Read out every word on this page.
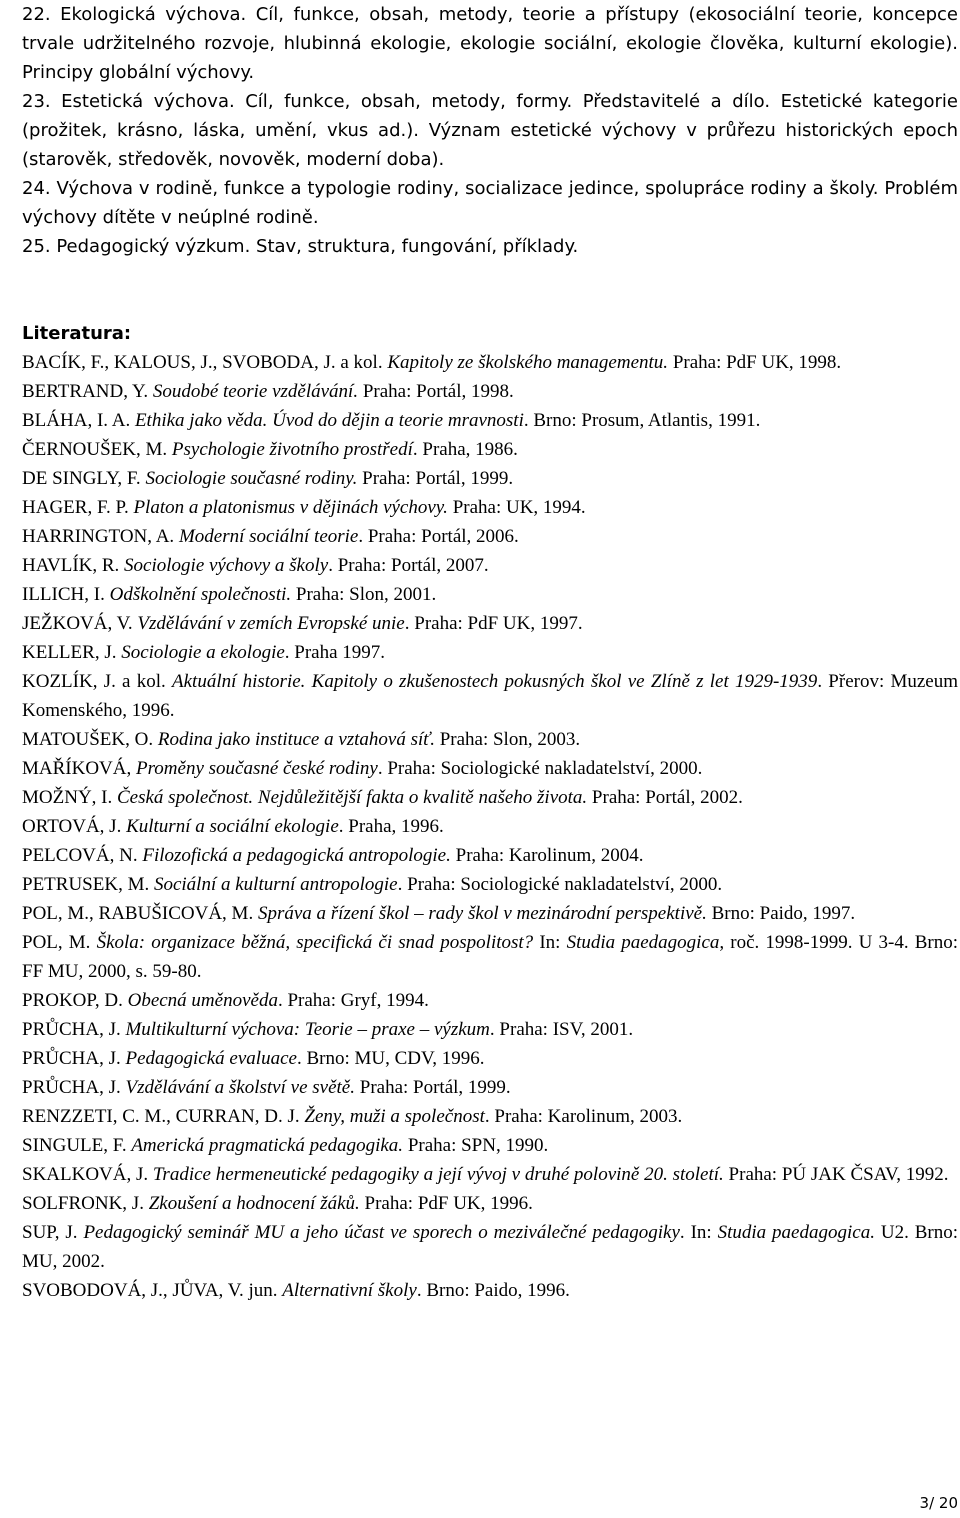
22. Ekologická výchova. Cíl, funkce, obsah, metody, teorie a přístupy (ekosociální teorie, koncepce trvale udržitelného rozvoje, hlubinná ekologie, ekologie sociální, ekologie člověka, kulturní ekologie). Principy globální výchovy.

23. Estetická výchova. Cíl, funkce, obsah, metody, formy. Představitelé a dílo. Estetické kategorie (prožitek, krásno, láska, umění, vkus ad.). Význam estetické výchovy v průřezu historických epoch (starověk, středověk, novověk, moderní doba).

24. Výchova v rodině, funkce a typologie rodiny, socializace jedince, spolupráce rodiny a školy. Problém výchovy dítěte v neúplné rodině.

25. Pedagogický výzkum. Stav, struktura, fungování, příklady.

Literatura:

BACÍK, F., KALOUS, J., SVOBODA, J. a kol. Kapitoly ze školského managementu. Praha: PdF UK, 1998.

BERTRAND, Y. Soudobé teorie vzdělávání. Praha: Portál, 1998.

BLÁHA, I. A. Ethika jako věda. Úvod do dějin a teorie mravnosti. Brno: Prosum, Atlantis, 1991.

ČERNOUŠEK, M. Psychologie životního prostředí. Praha, 1986.

DE SINGLY, F. Sociologie současné rodiny. Praha: Portál, 1999.

HAGER, F. P. Platon a platonismus v dějinách výchovy. Praha: UK, 1994.

HARRINGTON, A. Moderní sociální teorie. Praha: Portál, 2006.

HAVLÍK, R. Sociologie výchovy a školy. Praha: Portál, 2007.

ILLICH, I. Odškolnění společnosti. Praha: Slon, 2001.

JEŽKOVÁ, V. Vzdělávání v zemích Evropské unie. Praha: PdF UK, 1997.

KELLER, J. Sociologie a ekologie. Praha 1997.

KOZLÍK, J. a kol. Aktuální historie. Kapitoly o zkušenostech pokusných škol ve Zlíně z let 1929-1939. Přerov: Muzeum Komenského, 1996.

MATOUŠEK, O. Rodina jako instituce a vztahová síť. Praha: Slon, 2003.

MAŘÍKOVÁ, Proměny současné české rodiny. Praha: Sociologické nakladatelství, 2000.

MOŽNÝ, I. Česká společnost. Nejdůležitější fakta o kvalitě našeho života. Praha: Portál, 2002.

ORTOVÁ, J. Kulturní a sociální ekologie. Praha, 1996.

PELCOVÁ, N. Filozofická a pedagogická antropologie. Praha: Karolinum, 2004.

PETRUSEK, M. Sociální a kulturní antropologie. Praha: Sociologické nakladatelství, 2000.

POL, M., RABUŠICOVÁ, M. Správa a řízení škol – rady škol v mezinárodní perspektivě. Brno: Paido, 1997.

POL, M. Škola: organizace běžná, specifická či snad pospolitost? In: Studia paedagogica, roč. 1998-1999. U 3-4. Brno: FF MU, 2000, s. 59-80.

PROKOP, D. Obecná uměnověda. Praha: Gryf, 1994.

PRŮCHA, J. Multikulturní výchova: Teorie – praxe – výzkum. Praha: ISV, 2001.

PRŮCHA, J. Pedagogická evaluace. Brno: MU, CDV, 1996.

PRŮCHA, J. Vzdělávání a školství ve světě. Praha: Portál, 1999.

RENZZETI, C. M., CURRAN, D. J. Ženy, muži a společnost. Praha: Karolinum, 2003.

SINGULE, F. Americká pragmatická pedagogika. Praha: SPN, 1990.

SKALKOVÁ, J. Tradice hermeneutické pedagogiky a její vývoj v druhé polovině 20. století. Praha: PÚ JAK ČSAV, 1992.

SOLFRONK, J. Zkoušení a hodnocení žáků. Praha: PdF UK, 1996.

SUP, J. Pedagogický seminář MU a jeho účast ve sporech o meziválečné pedagogiky. In: Studia paedagogica. U2. Brno: MU, 2002.

SVOBODOVÁ, J., JŮVA, V. jun. Alternativní školy. Brno: Paido, 1996.

3/ 20
